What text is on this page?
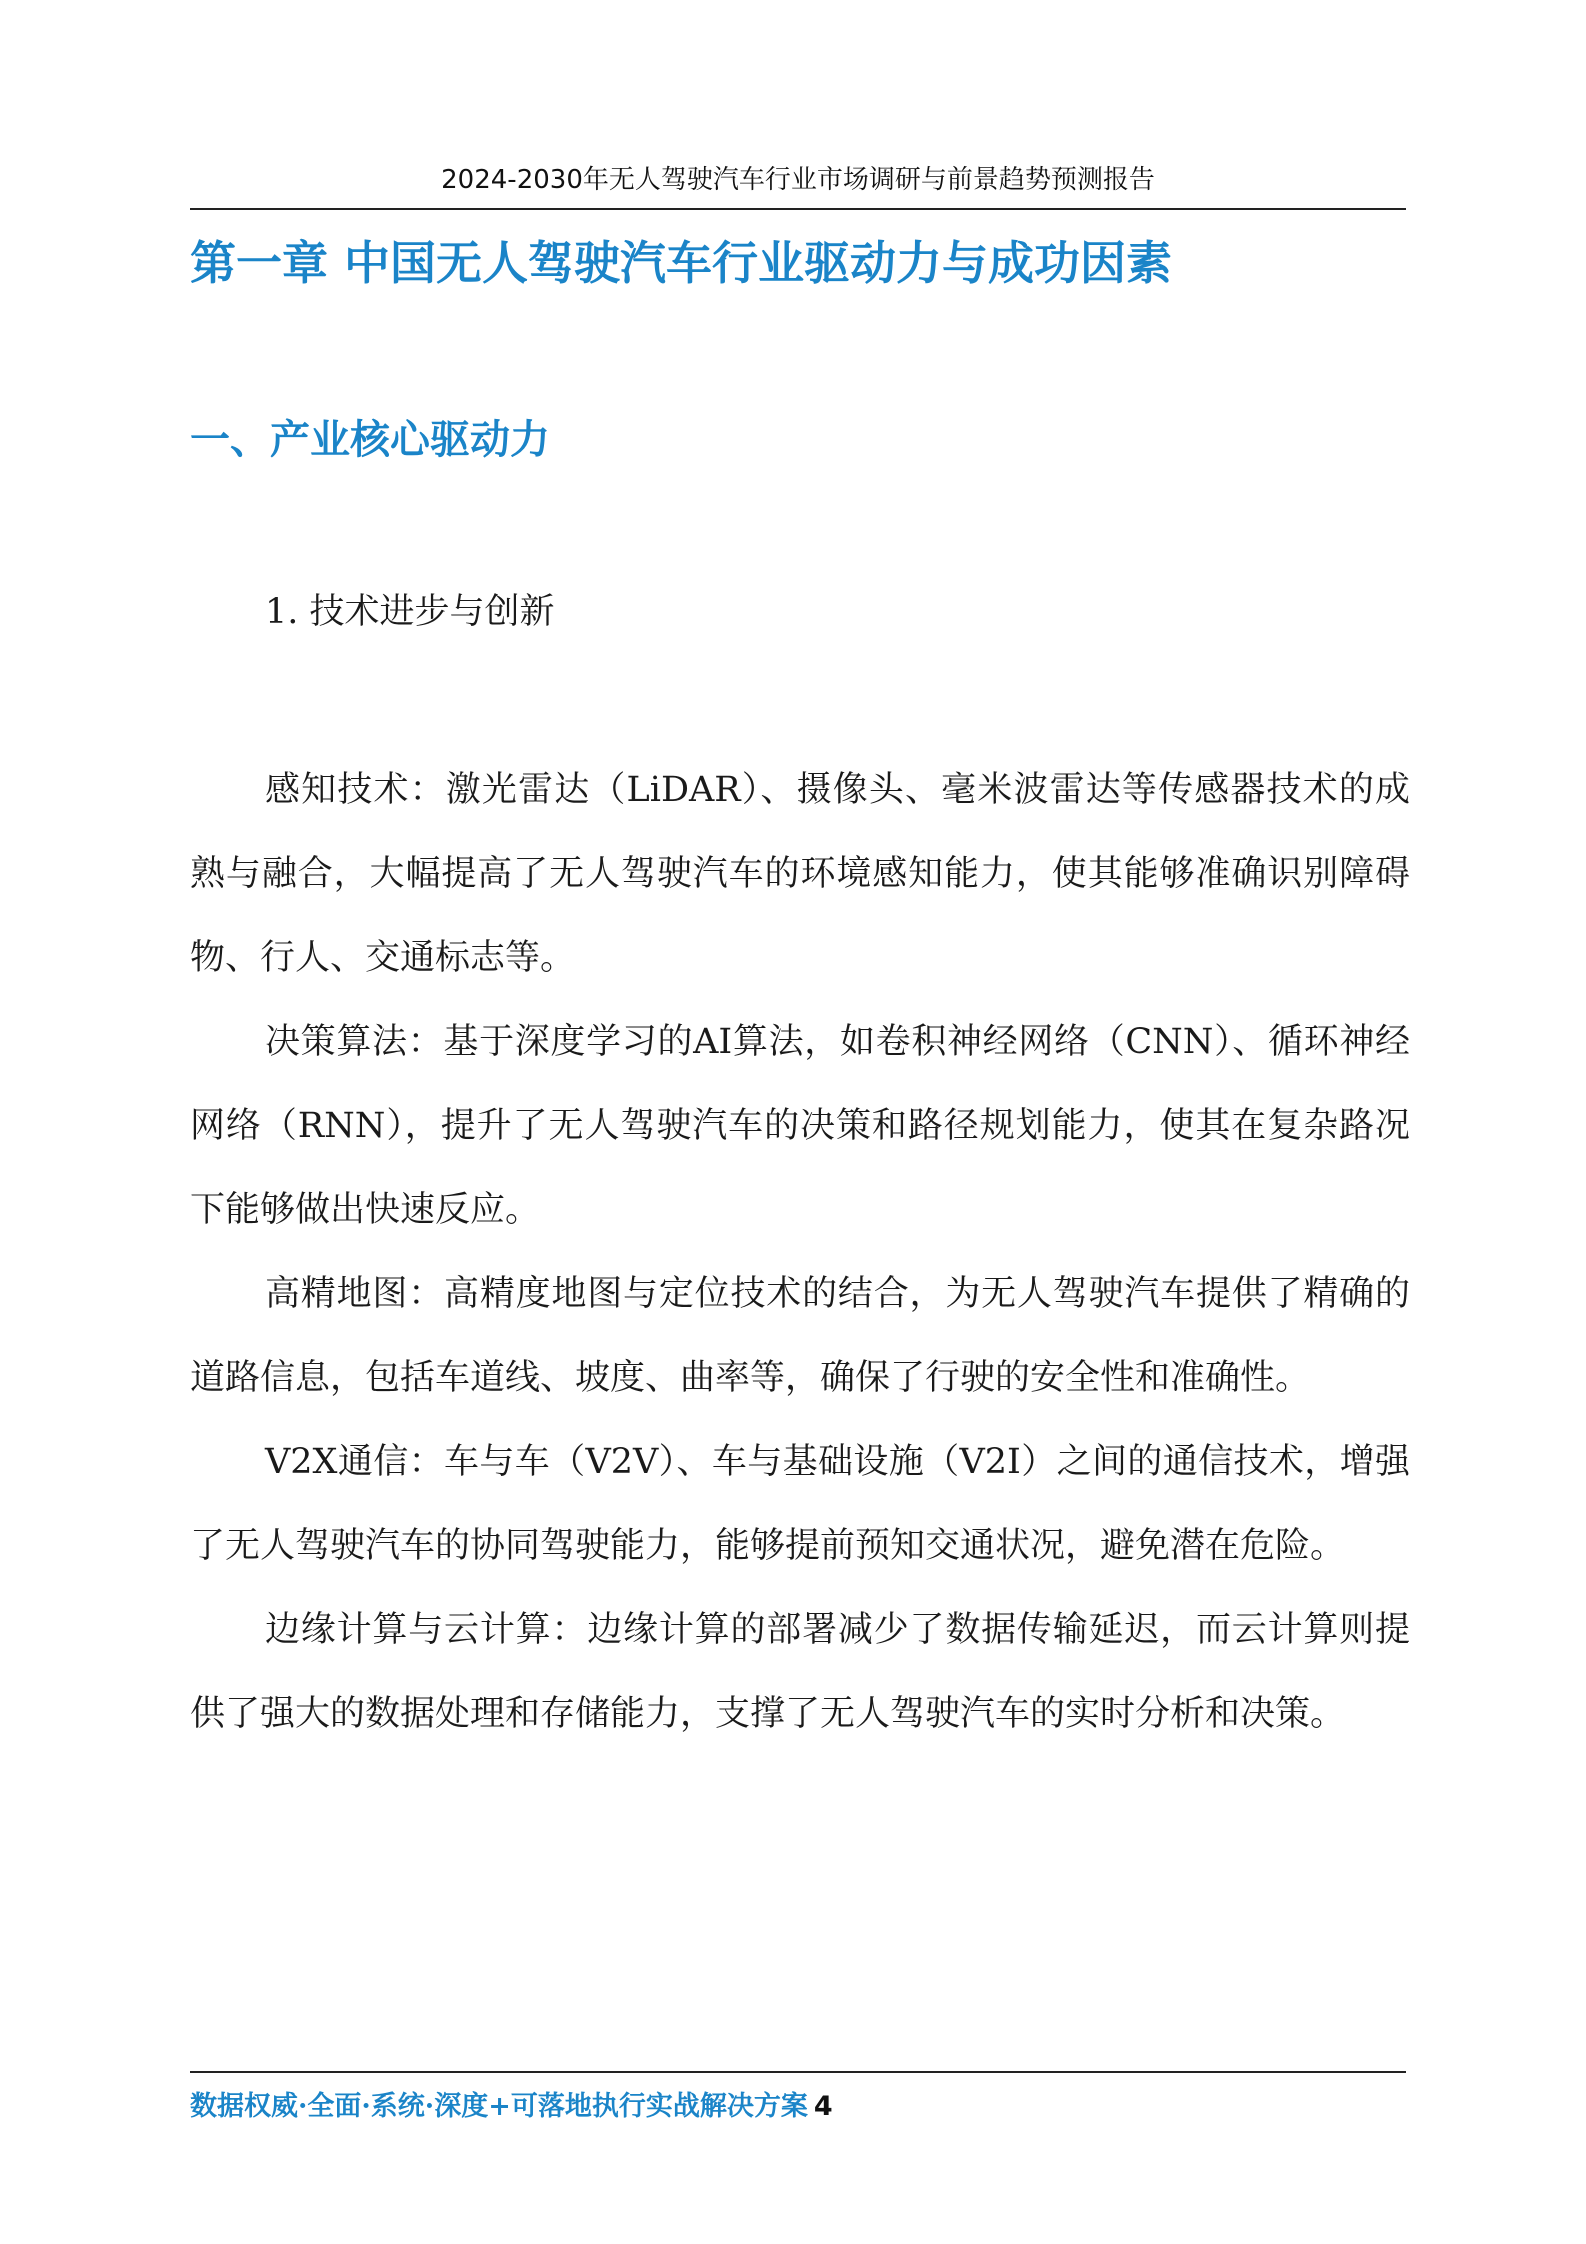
2024-2030年无人驾驶汽车行业市场调研与前景趋势预测报告
第一章 中国无人驾驶汽车行业驱动力与成功因素
一、产业核心驱动力
1. 技术进步与创新

感知技术：激光雷达（LiDAR）、摄像头、毫米波雷达等传感器技术的成熟与融合，大幅提高了无人驾驶汽车的环境感知能力，使其能够准确识别障碍物、行人、交通标志等。

决策算法：基于深度学习的AI算法，如卷积神经网络（CNN）、循环神经网络（RNN），提升了无人驾驶汽车的决策和路径规划能力，使其在复杂路况下能够做出快速反应。

高精地图：高精度地图与定位技术的结合，为无人驾驶汽车提供了精确的道路信息，包括车道线、坡度、曲率等，确保了行驶的安全性和准确性。

V2X通信：车与车（V2V）、车与基础设施（V2I）之间的通信技术，增强了无人驾驶汽车的协同驾驶能力，能够提前预知交通状况，避免潜在危险。

边缘计算与云计算：边缘计算的部署减少了数据传输延迟，而云计算则提供了强大的数据处理和存储能力，支撑了无人驾驶汽车的实时分析和决策。

数据权威·全面·系统·深度+可落地执行实战解决方案 4
